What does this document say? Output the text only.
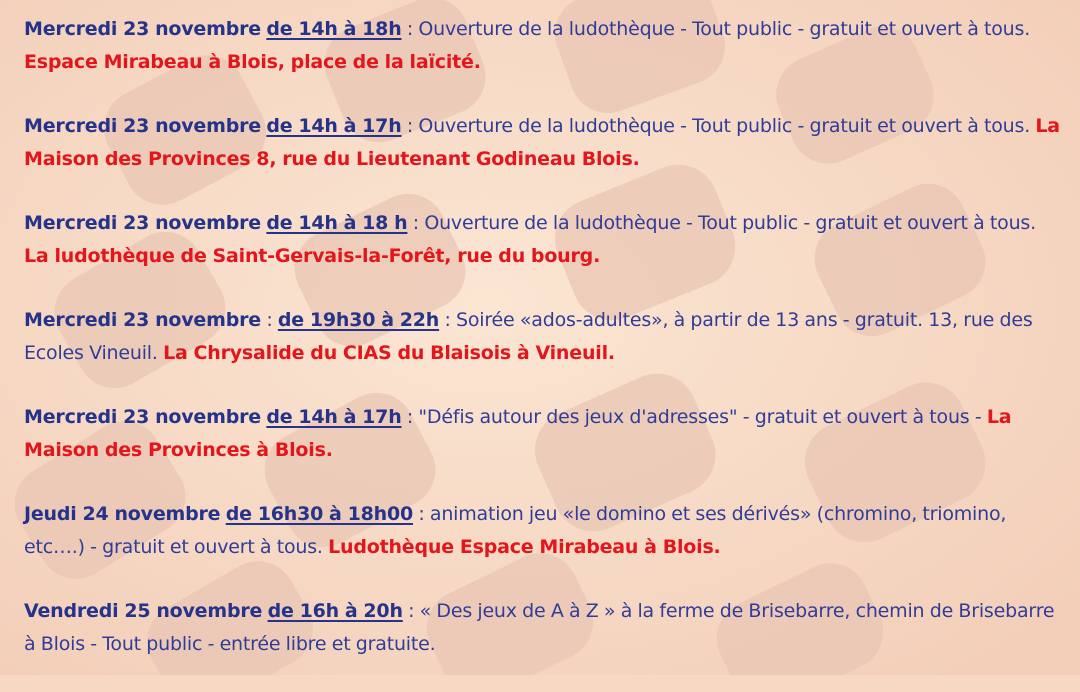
Mercredi 23 novembre de 14h à 18h : Ouverture de la ludothèque - Tout public - gratuit et ouvert à tous. Espace Mirabeau à Blois, place de la laïcité.

Mercredi 23 novembre de 14h à 17h : Ouverture de la ludothèque - Tout public - gratuit et ouvert à tous. La Maison des Provinces 8, rue du Lieutenant Godineau Blois.

Mercredi 23 novembre de 14h à 18 h : Ouverture de la ludothèque - Tout public - gratuit et ouvert à tous. La ludothèque de Saint-Gervais-la-Forêt, rue du bourg.

Mercredi 23 novembre : de 19h30 à 22h : Soirée «ados-adultes», à partir de 13 ans - gratuit. 13, rue des Ecoles Vineuil. La Chrysalide du CIAS du Blaisois à Vineuil.

Mercredi 23 novembre de 14h à 17h : "Défis autour des jeux d'adresses" - gratuit et ouvert à tous - La Maison des Provinces à Blois.

Jeudi 24 novembre de 16h30 à 18h00 : animation jeu «le domino et ses dérivés» (chromino, triomino, etc….) - gratuit et ouvert à tous. Ludothèque Espace Mirabeau à Blois.

Vendredi 25 novembre de 16h à 20h : « Des jeux de A à Z » à la ferme de Brisebarre, chemin de Brisebarre à Blois - Tout public - entrée libre et gratuite.
